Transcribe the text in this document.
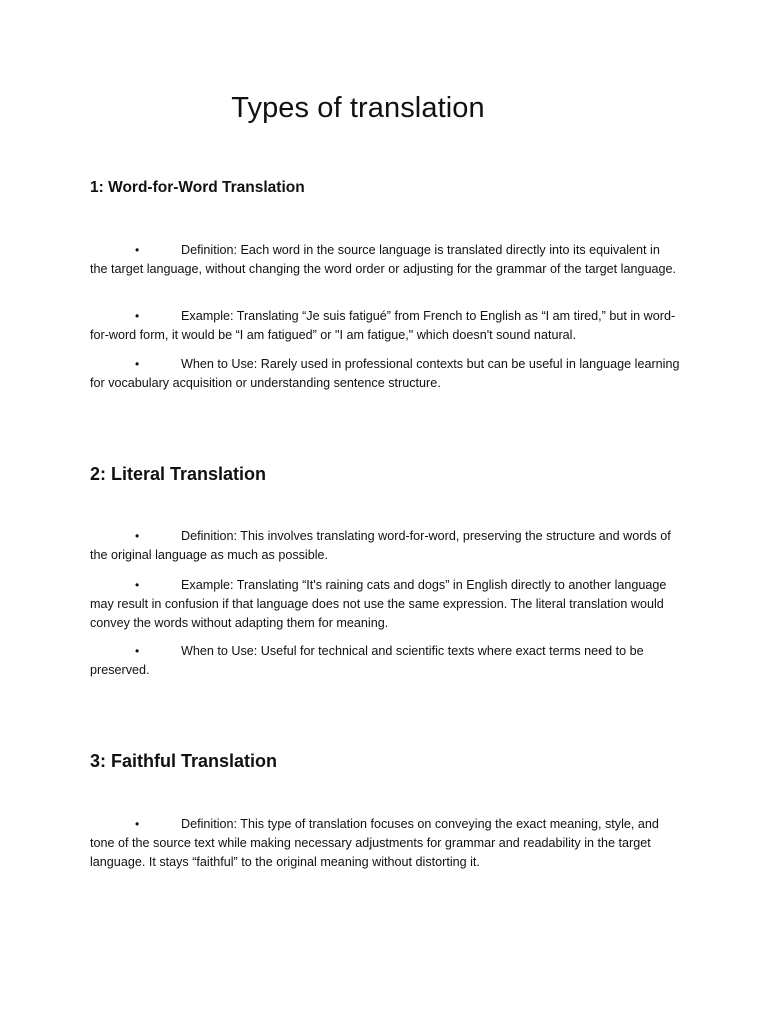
Types of translation
1: Word-for-Word Translation

•	Definition: Each word in the source language is translated directly into its equivalent in the target language, without changing the word order or adjusting for the grammar of the target language.

•	Example: Translating “Je suis fatigué” from French to English as “I am tired,” but in word-for-word form, it would be “I am fatigued” or "I am fatigue," which doesn't sound natural.

•	When to Use: Rarely used in professional contexts but can be useful in language learning for vocabulary acquisition or understanding sentence structure.

2: Literal Translation

•	Definition: This involves translating word-for-word, preserving the structure and words of the original language as much as possible.

•	Example: Translating “It's raining cats and dogs” in English directly to another language may result in confusion if that language does not use the same expression. The literal translation would convey the words without adapting them for meaning.

•	When to Use: Useful for technical and scientific texts where exact terms need to be preserved.

3: Faithful Translation

•	Definition: This type of translation focuses on conveying the exact meaning, style, and tone of the source text while making necessary adjustments for grammar and readability in the target language. It stays “faithful” to the original meaning without distorting it.
